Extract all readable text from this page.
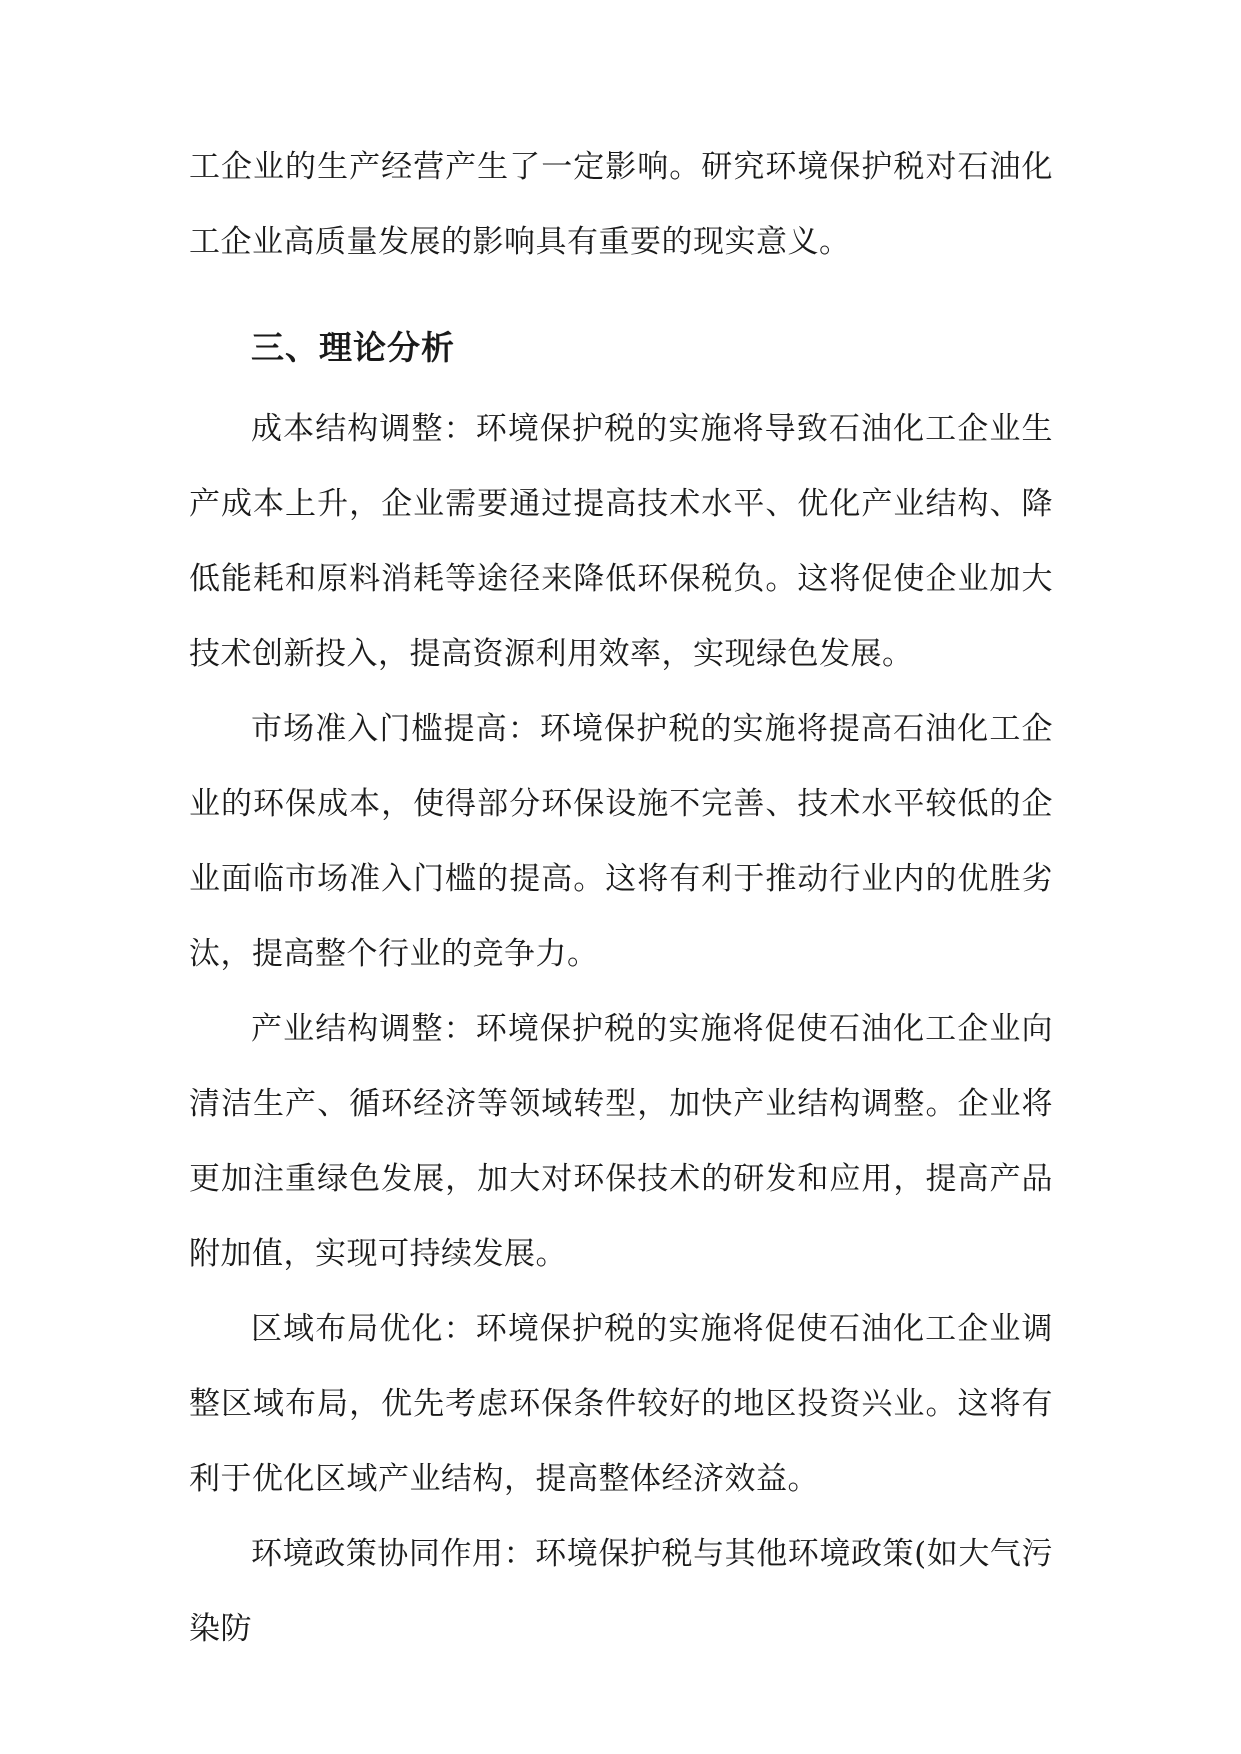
工企业的生产经营产生了一定影响。研究环境保护税对石油化工企业高质量发展的影响具有重要的现实意义。

三、理论分析

成本结构调整：环境保护税的实施将导致石油化工企业生产成本上升，企业需要通过提高技术水平、优化产业结构、降低能耗和原料消耗等途径来降低环保税负。这将促使企业加大技术创新投入，提高资源利用效率，实现绿色发展。

市场准入门槛提高：环境保护税的实施将提高石油化工企业的环保成本，使得部分环保设施不完善、技术水平较低的企业面临市场准入门槛的提高。这将有利于推动行业内的优胜劣汰，提高整个行业的竞争力。

产业结构调整：环境保护税的实施将促使石油化工企业向清洁生产、循环经济等领域转型，加快产业结构调整。企业将更加注重绿色发展，加大对环保技术的研发和应用，提高产品附加值，实现可持续发展。

区域布局优化：环境保护税的实施将促使石油化工企业调整区域布局，优先考虑环保条件较好的地区投资兴业。这将有利于优化区域产业结构，提高整体经济效益。

环境政策协同作用：环境保护税与其他环境政策(如大气污染防
